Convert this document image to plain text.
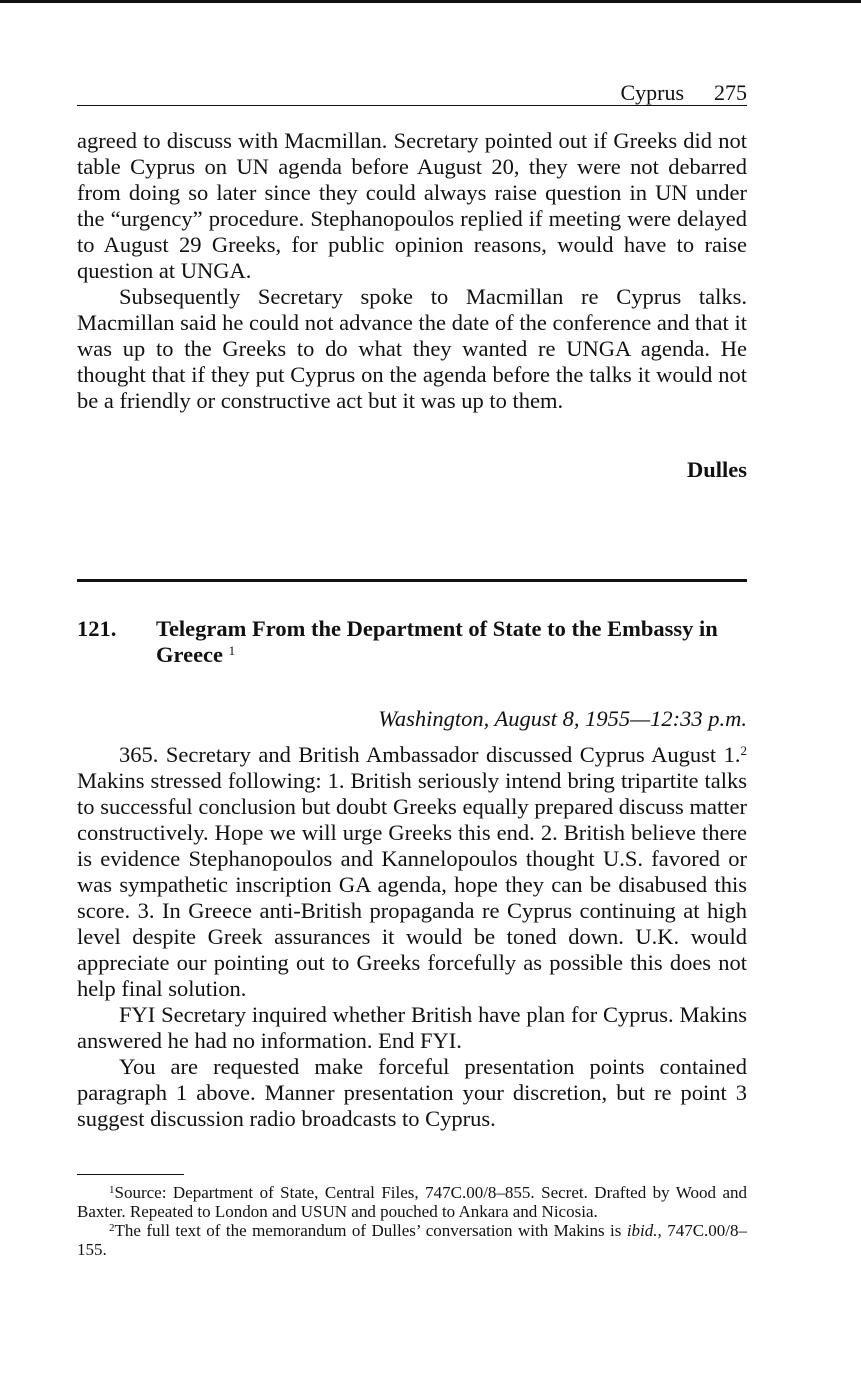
Cyprus 275

agreed to discuss with Macmillan. Secretary pointed out if Greeks did not table Cyprus on UN agenda before August 20, they were not debarred from doing so later since they could always raise question in UN under the “urgency” procedure. Stephanopoulos replied if meeting were delayed to August 29 Greeks, for public opinion reasons, would have to raise question at UNGA.

Subsequently Secretary spoke to Macmillan re Cyprus talks. Macmillan said he could not advance the date of the conference and that it was up to the Greeks to do what they wanted re UNGA agenda. He thought that if they put Cyprus on the agenda before the talks it would not be a friendly or constructive act but it was up to them.

Dulles
121. Telegram From the Department of State to the Embassy in Greece $^1$
Washington, August 8, 1955—12:33 p.m.

365. Secretary and British Ambassador discussed Cyprus August 1.$^2$ Makins stressed following: 1. British seriously intend bring tripartite talks to successful conclusion but doubt Greeks equally prepared discuss matter constructively. Hope we will urge Greeks this end. 2. British believe there is evidence Stephanopoulos and Kannelopoulos thought U.S. favored or was sympathetic inscription GA agenda, hope they can be disabused this score. 3. In Greece anti-British propaganda re Cyprus continuing at high level despite Greek assurances it would be toned down. U.K. would appreciate our pointing out to Greeks forcefully as possible this does not help final solution.

FYI Secretary inquired whether British have plan for Cyprus. Makins answered he had no information. End FYI.

You are requested make forceful presentation points contained paragraph 1 above. Manner presentation your discretion, but re point 3 suggest discussion radio broadcasts to Cyprus.

$^1$Source: Department of State, Central Files, 747C.00/8–855. Secret. Drafted by Wood and Baxter. Repeated to London and USUN and pouched to Ankara and Nicosia.

$^2$The full text of the memorandum of Dulles’ conversation with Makins is ibid., 747C.00/8–155.
